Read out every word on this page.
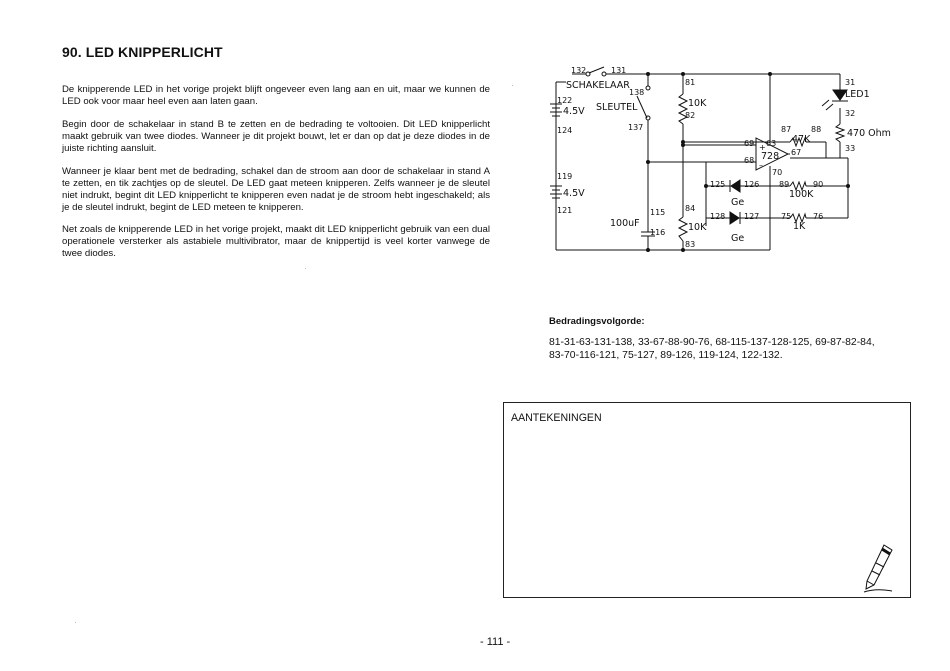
90. LED KNIPPERLICHT

De knipperende LED in het vorige projekt blijft ongeveer even lang aan en uit, maar we kunnen de LED ook voor maar heel even aan laten gaan.

Begin door de schakelaar in stand B te zetten en de bedrading te voltooien. Dit LED knipperlicht maakt gebruik van twee diodes. Wanneer je dit projekt bouwt, let er dan op dat je deze diodes in de juiste richting aansluit.

Wanneer je klaar bent met de bedrading, schakel dan de stroom aan door de schakelaar in stand A te zetten, en tik zachtjes op de sleutel. De LED gaat meteen knipperen. Zelfs wanneer je de sleutel niet indrukt, begint dit LED knipperlicht te knipperen even nadat je de stroom hebt ingeschakeld; als je de sleutel indrukt, begint de LED meteen te knipperen.

Net zoals de knipperende LED in het vorige projekt, maakt dit LED knipperlicht gebruik van een dual operationele versterker als astabiele multivibrator, maar de knippertijd is veel korter vanwege de twee diodes.

SCHAKELAAR
SLEUTEL
4.5V
4.5V
10K
10K
47K
100K
1K
470 Ohm
LED1
728
+
–
100uF
Ge
Ge
132	131
138
122
124	137
119
121	115
116
81
82
84
83
31
32
33
87 88
69 63
67
68
70
125 126 89	90
128 127	75	76
Bedradingsvolgorde:
81-31-63-131-138, 33-67-88-90-76, 68-115-137-128-125, 69-87-82-84, 83-70-116-121, 75-127, 89-126, 119-124, 122-132.
AANTEKENINGEN
- 111 -
